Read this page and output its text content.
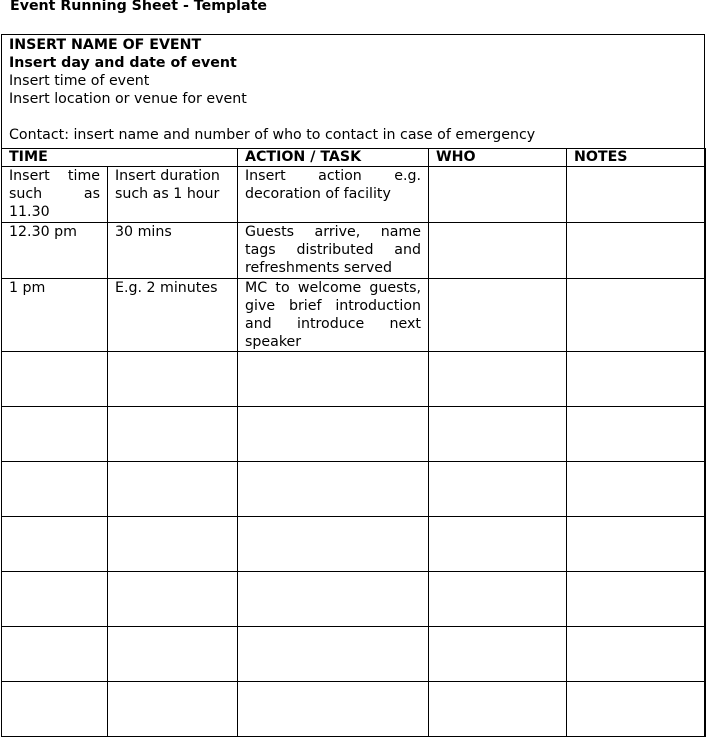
Event Running Sheet - Template
INSERT NAME OF EVENT
Insert day and date of event
Insert time of event
Insert location or venue for event
Contact: insert name and number of who to contact in case of emergency
TIME		ACTION / TASK	WHO	NOTES
Insert time such as 11.30	Insert duration such as 1 hour	Insert action e.g. decoration of facility		
12.30 pm	30 mins	Guests arrive, name tags distributed and refreshments served		
1 pm	E.g. 2 minutes	MC to welcome guests, give brief introduction and introduce next speaker		
